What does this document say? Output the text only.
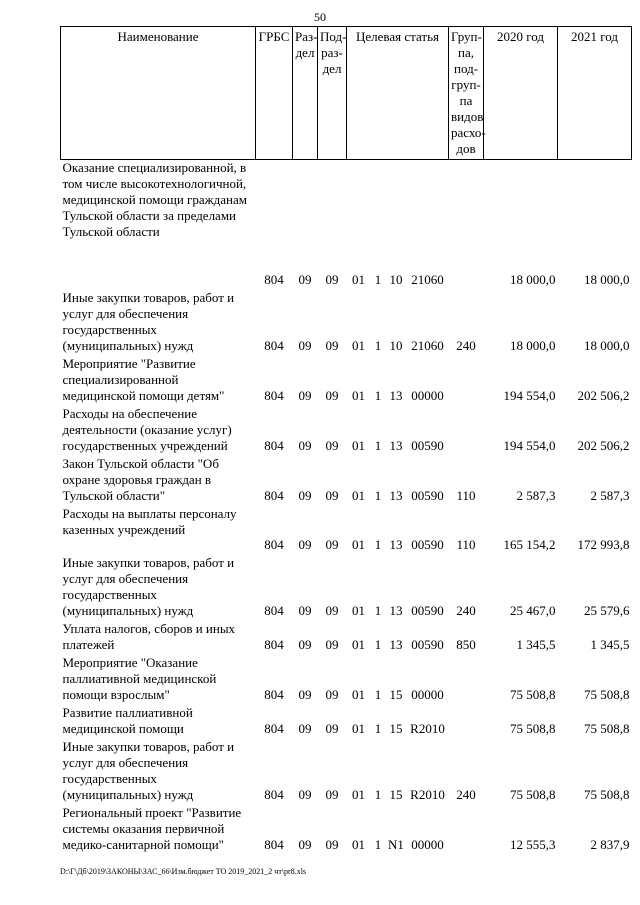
50
Наименование	ГРБС	Раз-дел	Под-раз-дел	Целевая статья				Груп-па, под-груп-па видов расхо-дов	2020 год	2021 год
Оказание специализированной, в том числе высокотехнологичной, медицинской помощи гражданам Тульской области за пределами Тульской области	804	09	09	01	1	10	21060		18 000,0	18 000,0
Иные закупки товаров, работ и услуг для обеспечения государственных (муниципальных) нужд	804	09	09	01	1	10	21060	240	18 000,0	18 000,0
Мероприятие "Развитие специализированной медицинской помощи детям"	804	09	09	01	1	13	00000		194 554,0	202 506,2
Расходы на обеспечение деятельности (оказание услуг) государственных учреждений	804	09	09	01	1	13	00590		194 554,0	202 506,2
Закон Тульской области "Об охране здоровья граждан в Тульской области"	804	09	09	01	1	13	00590	110	2 587,3	2 587,3
Расходы на выплаты персоналу казенных учреждений	804	09	09	01	1	13	00590	110	165 154,2	172 993,8
Иные закупки товаров, работ и услуг для обеспечения государственных (муниципальных) нужд	804	09	09	01	1	13	00590	240	25 467,0	25 579,6
Уплата налогов, сборов и иных платежей	804	09	09	01	1	13	00590	850	1 345,5	1 345,5
Мероприятие "Оказание паллиативной медицинской помощи взрослым"	804	09	09	01	1	15	00000		75 508,8	75 508,8
Развитие паллиативной медицинской помощи	804	09	09	01	1	15	R2010		75 508,8	75 508,8
Иные закупки товаров, работ и услуг для обеспечения государственных (муниципальных) нужд	804	09	09	01	1	15	R2010	240	75 508,8	75 508,8
Региональный проект "Развитие системы оказания первичной медико-санитарной помощи"	804	09	09	01	1	N1	00000		12 555,3	2 837,9
D:\Г\Дб\2019\ЗАКОНЫ\ЗАС_66\Изм.бюджет ТО 2019_2021_2 чт\pr8.xls
